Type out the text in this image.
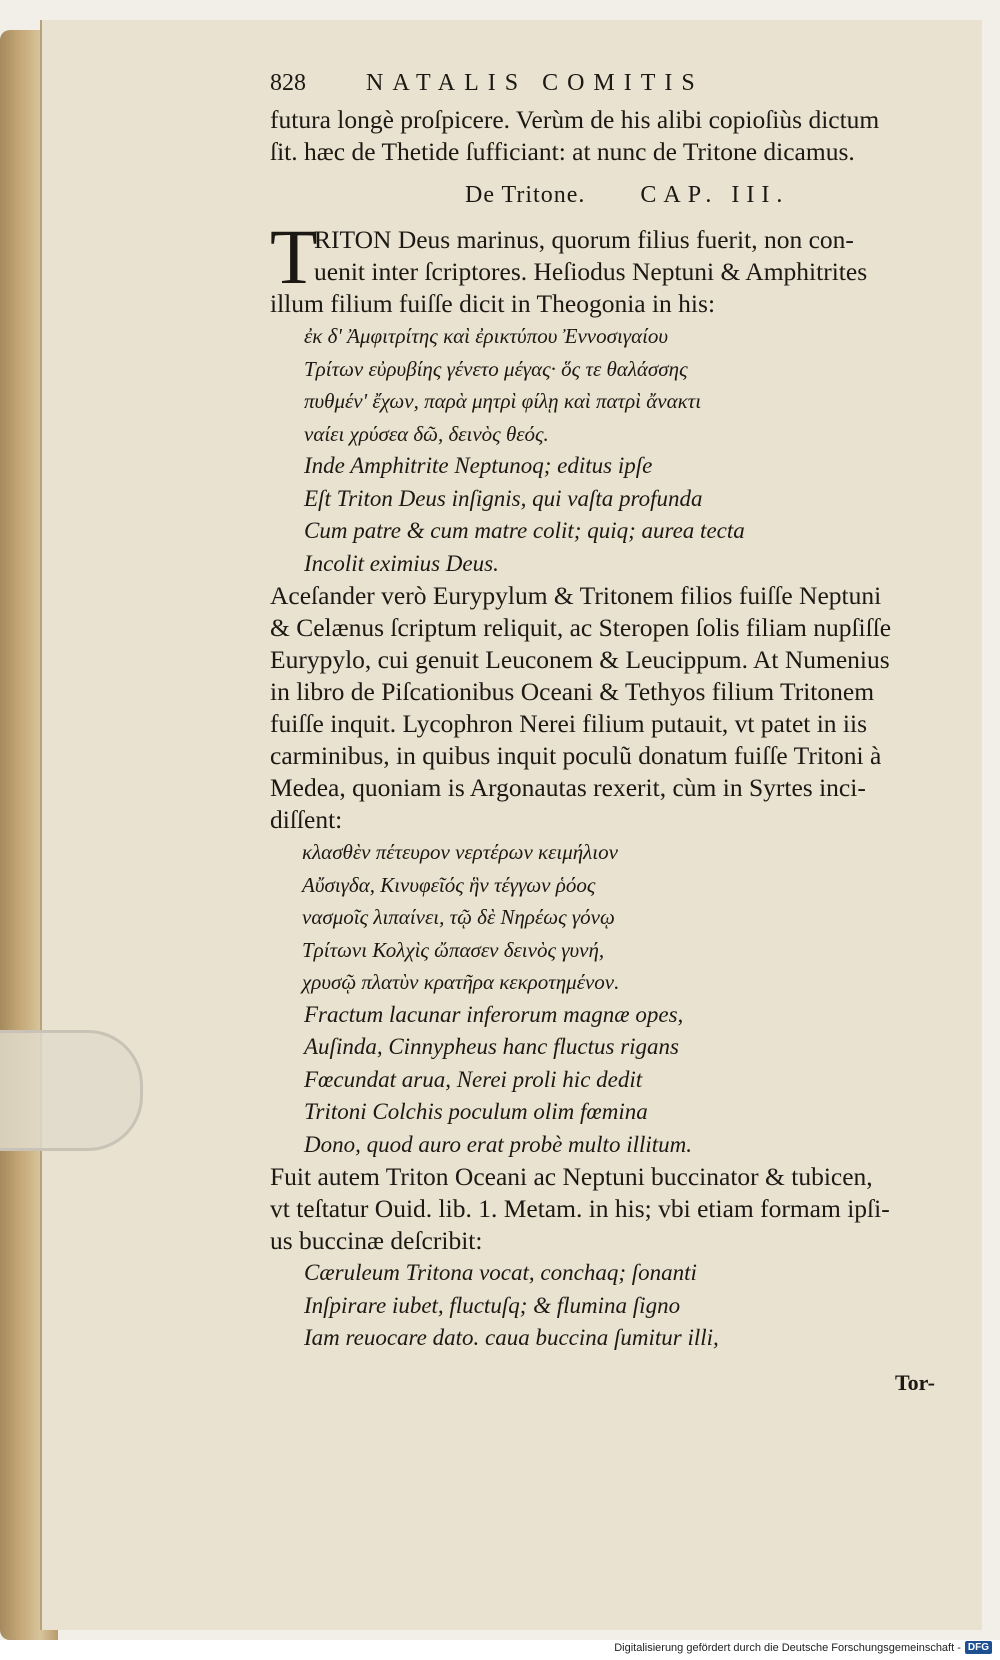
828	NATALIS COMITIS
futura longè proſpicere. Verùm de his alibi copioſiùs dictum
ſit. hæc de Thetide ſufficiant: at nunc de Tritone dicamus.
De Tritone. CAP. III.
T
RITON Deus marinus, quorum filius fuerit, non con-
uenit inter ſcriptores. Heſiodus Neptuni & Amphitrites
illum filium fuiſſe dicit in Theogonia in his:
ἐκ δ' Ἀμφιτρίτης καὶ ἐρικτύπου Ἐννοσιγαίου
Τρίτων εὐρυβίης γένετο μέγας· ὅς τε θαλάσσης
πυθμέν' ἔχων, παρὰ μητρὶ φίλῃ καὶ πατρὶ ἄνακτι
ναίει χρύσεα δῶ, δεινὸς θεός.
Inde Amphitrite Neptunoq; editus ipſe
Eſt Triton Deus inſignis, qui vaſta profunda
Cum patre & cum matre colit; quiq; aurea tecta
Incolit eximius Deus.
Aceſander verò Eurypylum & Tritonem filios fuiſſe Neptuni
& Celænus ſcriptum reliquit, ac Steropen ſolis filiam nupſiſſe
Eurypylo, cui genuit Leuconem & Leucippum. At Numenius
in libro de Piſcationibus Oceani & Tethyos filium Tritonem
fuiſſe inquit. Lycophron Nerei filium putauit, vt patet in iis
carminibus, in quibus inquit poculũ donatum fuiſſe Tritoni à
Medea, quoniam is Argonautas rexerit, cùm in Syrtes inci-
diſſent:
κλασθὲν πέτευρον νερτέρων κειμήλιον
Αὔσιγδα, Κινυφεῖός ἣν τέγγων ῥόος
νασμοῖς λιπαίνει, τῷ δὲ Νηρέως γόνῳ
Τρίτωνι Κολχὶς ὤπασεν δεινὸς γυνή,
χρυσῷ πλατὺν κρατῆρα κεκροτημένον.
Fractum lacunar inferorum magnæ opes,
Auſinda, Cinnypheus hanc fluctus rigans
Fœcundat arua, Nerei proli hic dedit
Tritoni Colchis poculum olim fœmina
Dono, quod auro erat probè multo illitum.
Fuit autem Triton Oceani ac Neptuni buccinator & tubicen,
vt teſtatur Ouid. lib. 1. Metam. in his; vbi etiam formam ipſi-
us buccinæ deſcribit:
Cæruleum Tritona vocat, conchaq; ſonanti
Inſpirare iubet, fluctuſq; & flumina ſigno
Iam reuocare dato. caua buccina ſumitur illi,
Tor-
Digitalisierung gefördert durch die Deutsche Forschungsgemeinschaft - DFG
